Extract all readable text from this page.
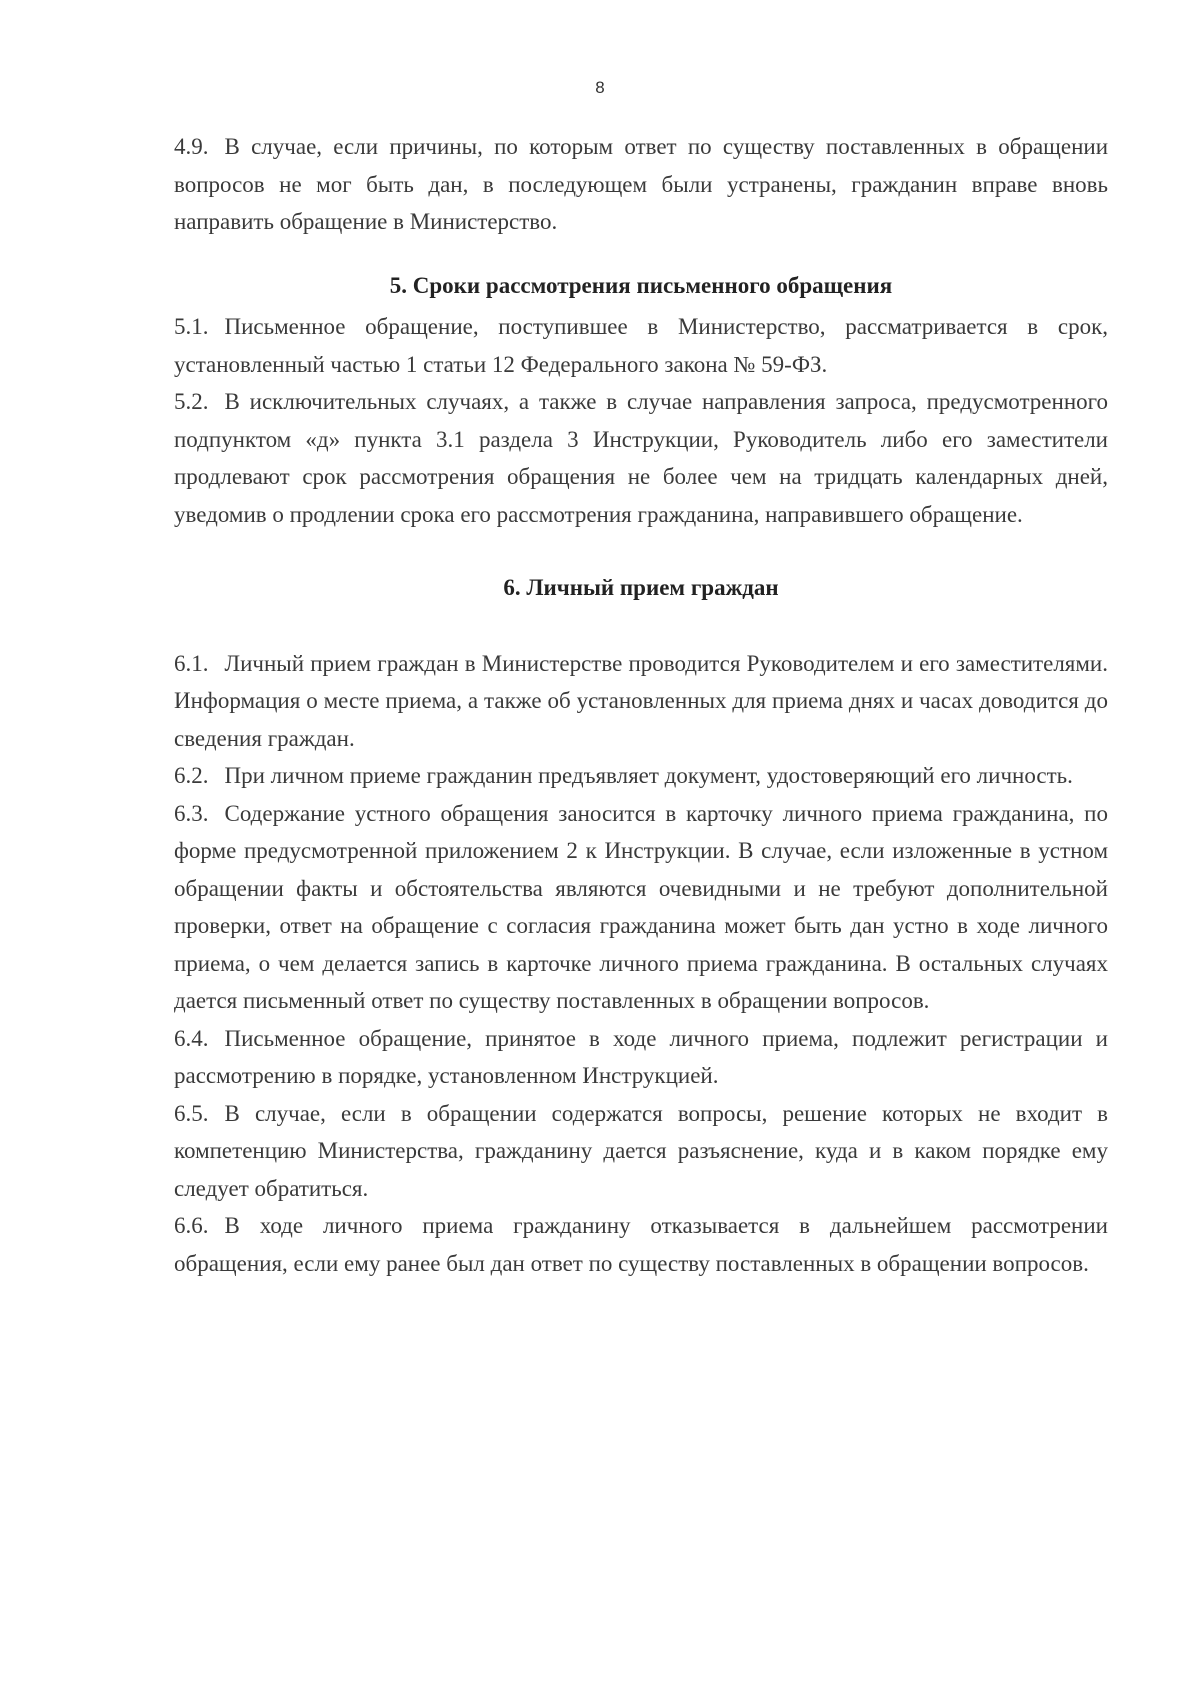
8

4.9. В случае, если причины, по которым ответ по существу поставленных в обращении вопросов не мог быть дан, в последующем были устранены, гражданин вправе вновь направить обращение в Министерство.

5. Сроки рассмотрения письменного обращения

5.1. Письменное обращение, поступившее в Министерство, рассматривается в срок, установленный частью 1 статьи 12 Федерального закона № 59-ФЗ.

5.2. В исключительных случаях, а также в случае направления запроса, предусмотренного подпунктом «д» пункта 3.1 раздела 3 Инструкции, Руководитель либо его заместители продлевают срок рассмотрения обращения не более чем на тридцать календарных дней, уведомив о продлении срока его рассмотрения гражданина, направившего обращение.

6. Личный прием граждан

6.1. Личный прием граждан в Министерстве проводится Руководителем и его заместителями. Информация о месте приема, а также об установленных для приема днях и часах доводится до сведения граждан.

6.2. При личном приеме гражданин предъявляет документ, удостоверяющий его личность.

6.3. Содержание устного обращения заносится в карточку личного приема гражданина, по форме предусмотренной приложением 2 к Инструкции. В случае, если изложенные в устном обращении факты и обстоятельства являются очевидными и не требуют дополнительной проверки, ответ на обращение с согласия гражданина может быть дан устно в ходе личного приема, о чем делается запись в карточке личного приема гражданина. В остальных случаях дается письменный ответ по существу поставленных в обращении вопросов.

6.4. Письменное обращение, принятое в ходе личного приема, подлежит регистрации и рассмотрению в порядке, установленном Инструкцией.

6.5. В случае, если в обращении содержатся вопросы, решение которых не входит в компетенцию Министерства, гражданину дается разъяснение, куда и в каком порядке ему следует обратиться.

6.6. В ходе личного приема гражданину отказывается в дальнейшем рассмотрении обращения, если ему ранее был дан ответ по существу поставленных в обращении вопросов.
